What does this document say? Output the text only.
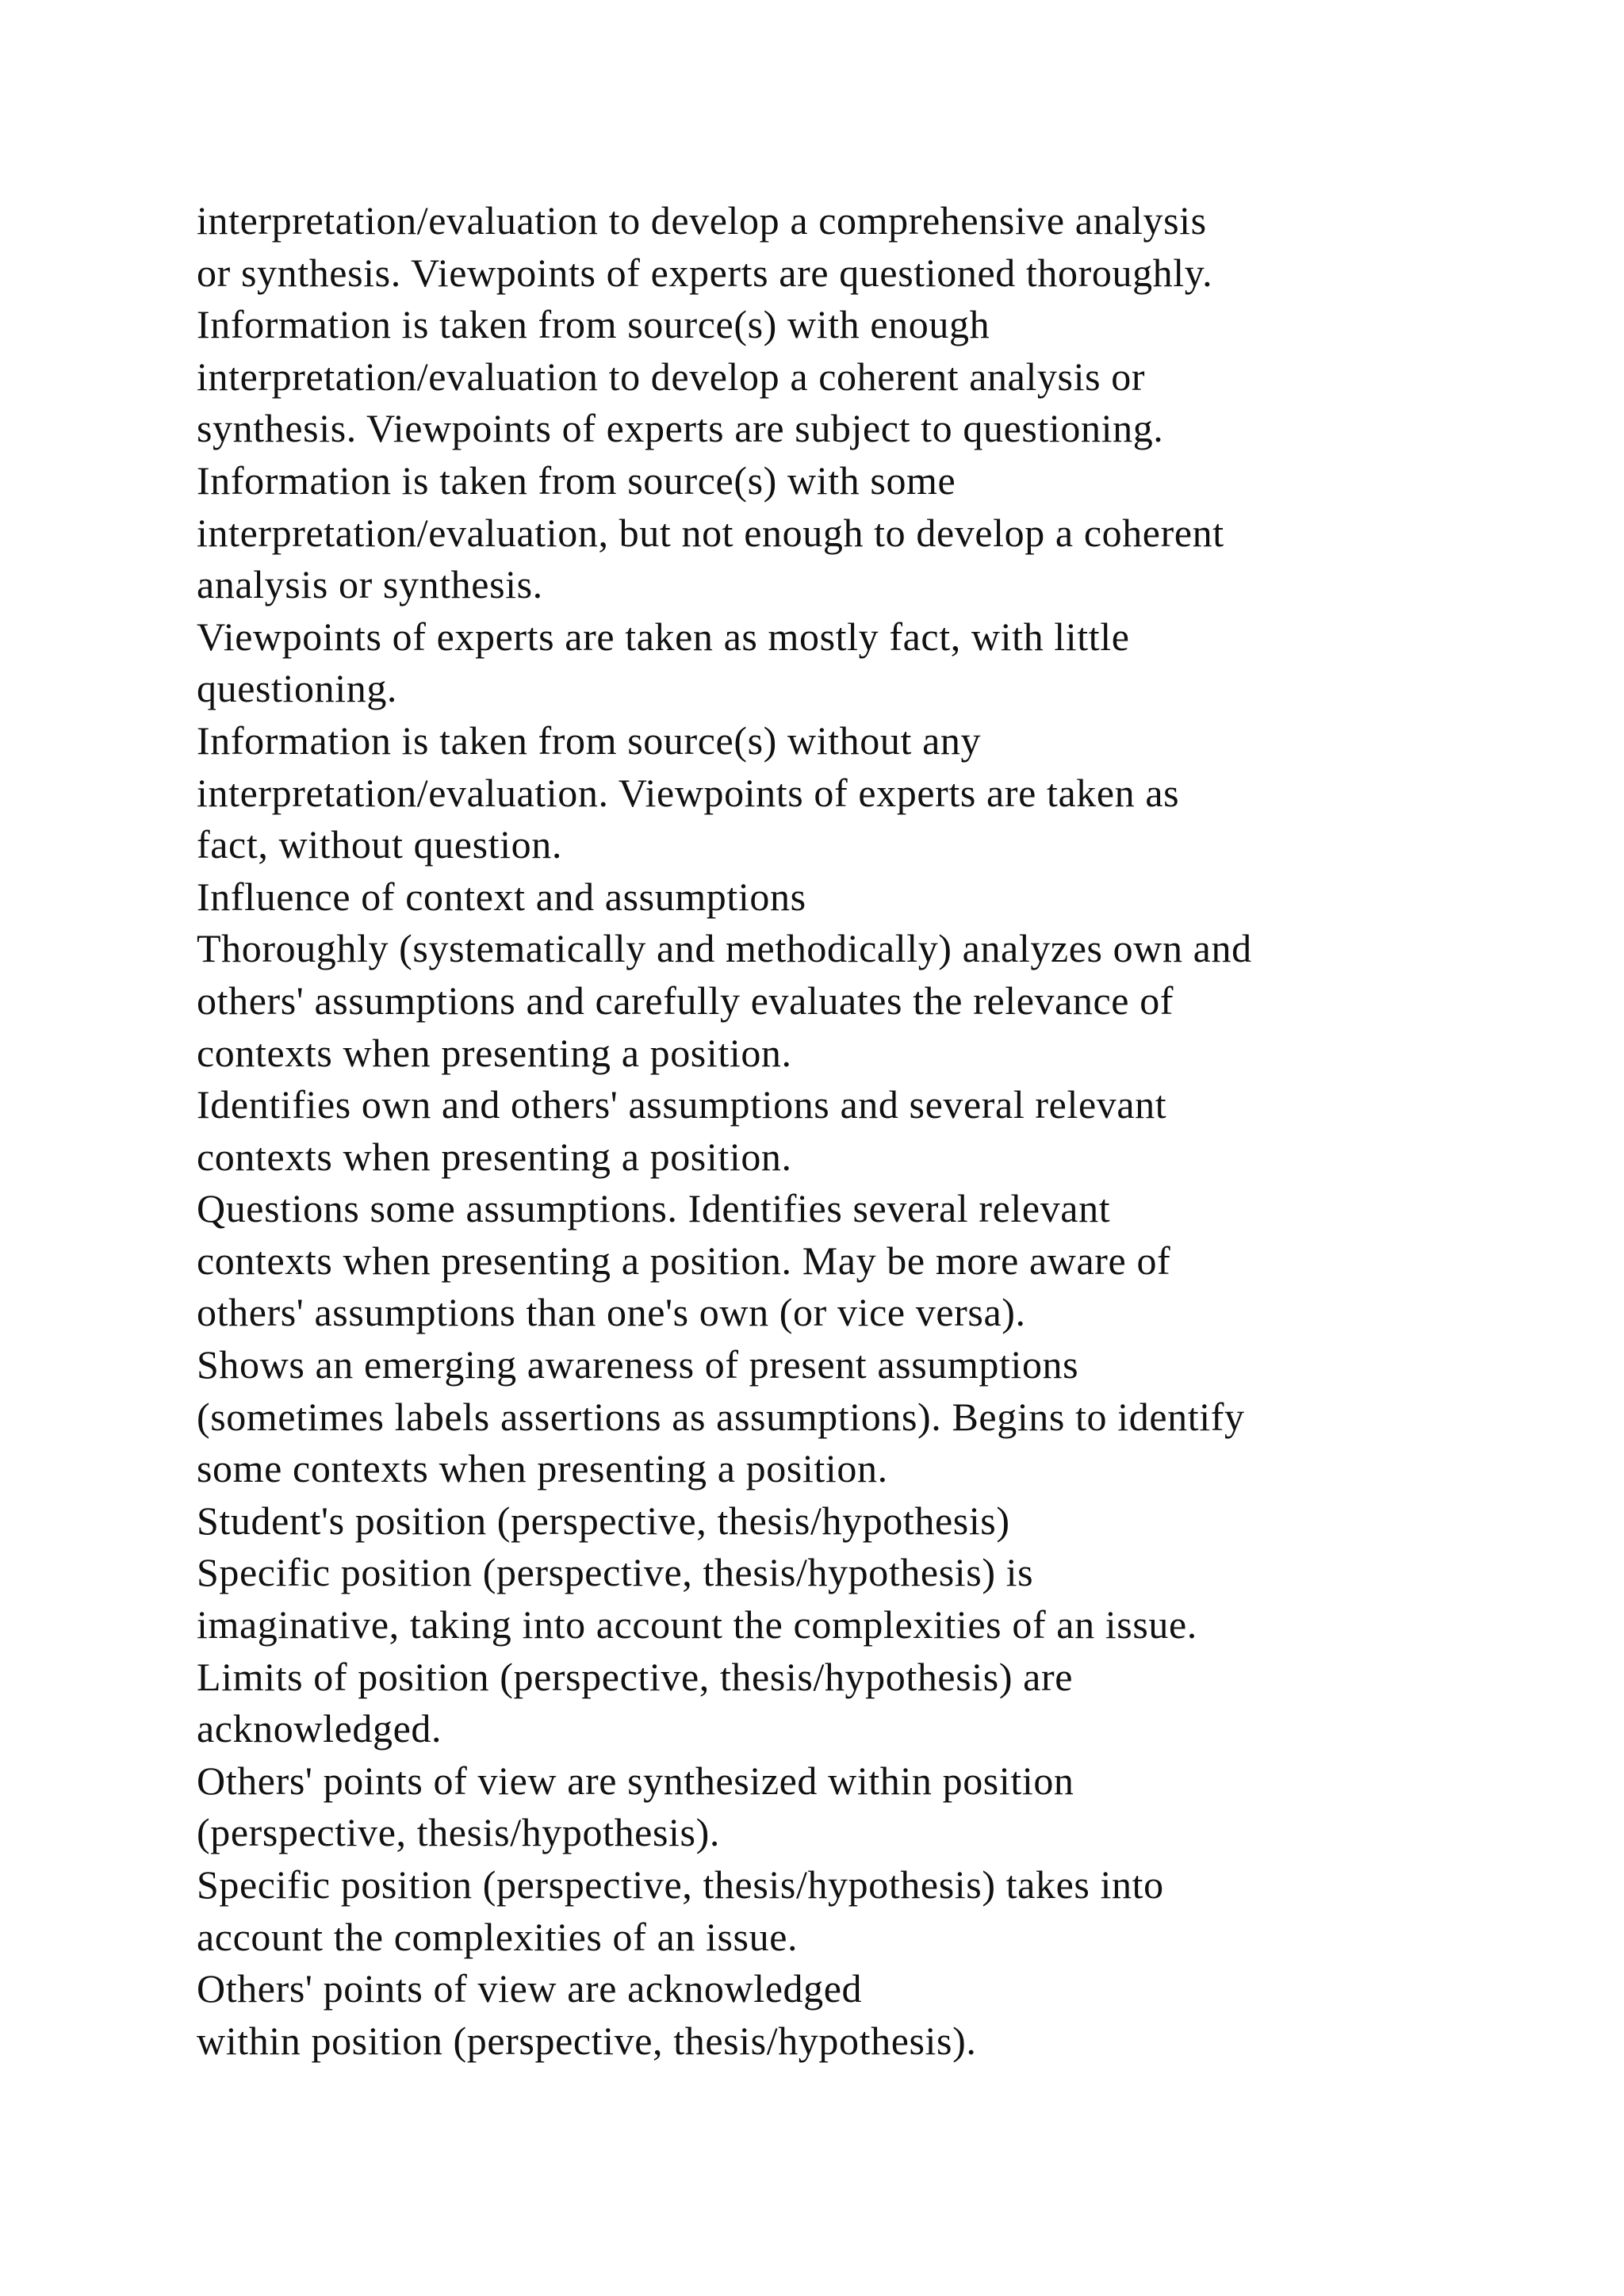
interpretation/evaluation to develop a comprehensive analysis
or synthesis. Viewpoints of experts are questioned thoroughly.
Information is taken from source(s) with enough
interpretation/evaluation to develop a coherent analysis or
synthesis. Viewpoints of experts are subject to questioning.
Information is taken from source(s) with some
interpretation/evaluation, but not enough to develop a coherent
analysis or synthesis.
Viewpoints of experts are taken as mostly fact, with little
questioning.
Information is taken from source(s) without any
interpretation/evaluation. Viewpoints of experts are taken as
fact, without question.
Influence of context and assumptions
Thoroughly (systematically and methodically) analyzes own and
others' assumptions and carefully evaluates the relevance of
contexts when presenting a position.
Identifies own and others' assumptions and several relevant
contexts when presenting a position.
Questions some assumptions. Identifies several relevant
contexts when presenting a position. May be more aware of
others' assumptions than one's own (or vice versa).
Shows an emerging awareness of present assumptions
(sometimes labels assertions as assumptions). Begins to identify
some contexts when presenting a position.
Student's position (perspective, thesis/hypothesis)
Specific position (perspective, thesis/hypothesis) is
imaginative, taking into account the complexities of an issue.
Limits of position (perspective, thesis/hypothesis) are
acknowledged.
Others' points of view are synthesized within position
(perspective, thesis/hypothesis).
Specific position (perspective, thesis/hypothesis) takes into
account the complexities of an issue.
Others' points of view are acknowledged
within position (perspective, thesis/hypothesis).
